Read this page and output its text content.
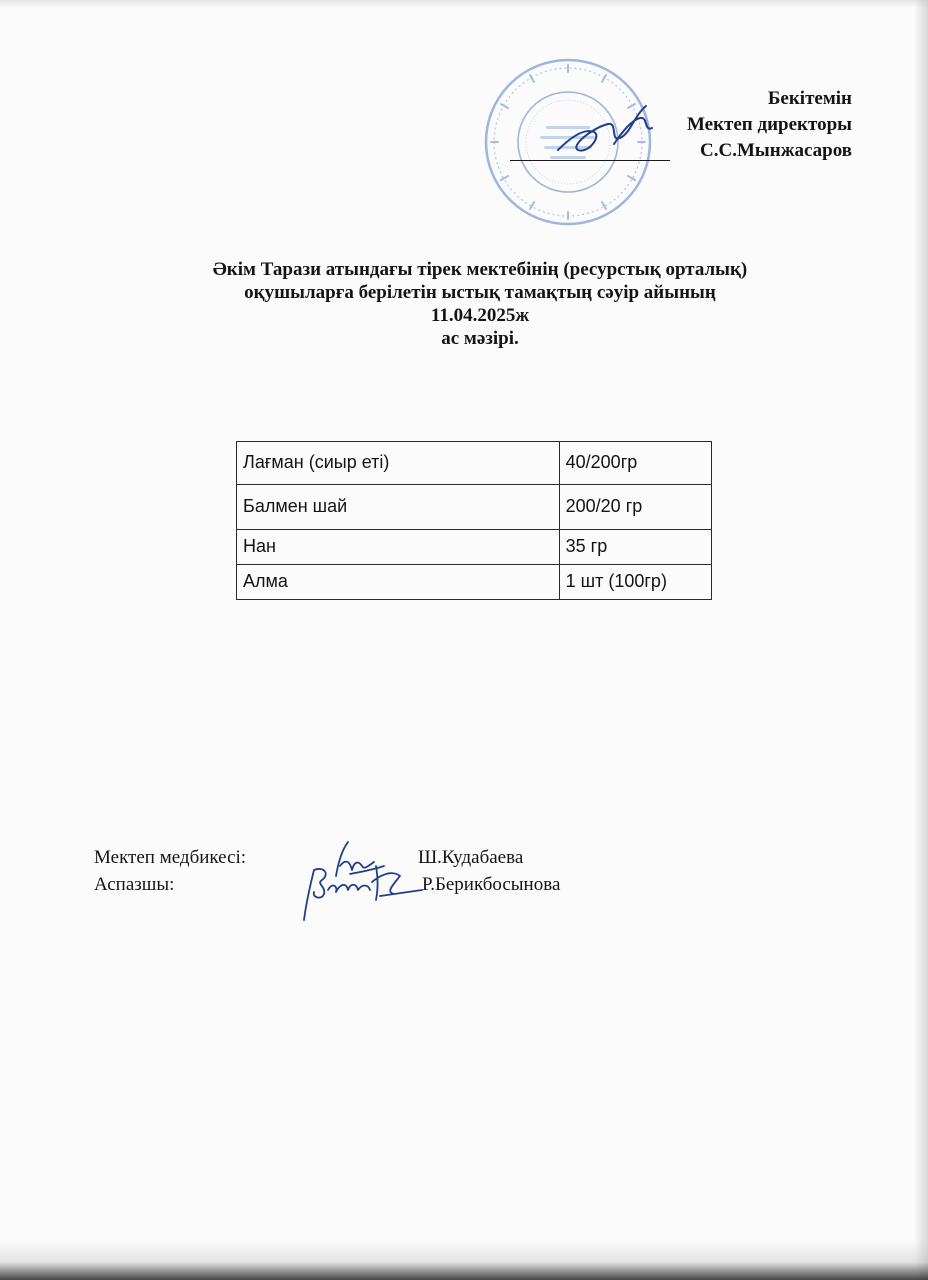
Бекітемін
Мектеп директоры
С.С.Мынжасаров
Әкім Тарази атындағы тірек мектебінің (ресурстық орталық)
оқушыларға берілетін ыстық тамақтың сәуір айының
11.04.2025ж
ас мәзірі.
Лағман (сиыр еті)	40/200гр
Балмен шай	200/20 гр
Нан	35 гр
Алма	1 шт (100гр)
Мектеп медбикесі:	Ш.Кудабаева
Аспазшы:	Р.Берикбосынова
